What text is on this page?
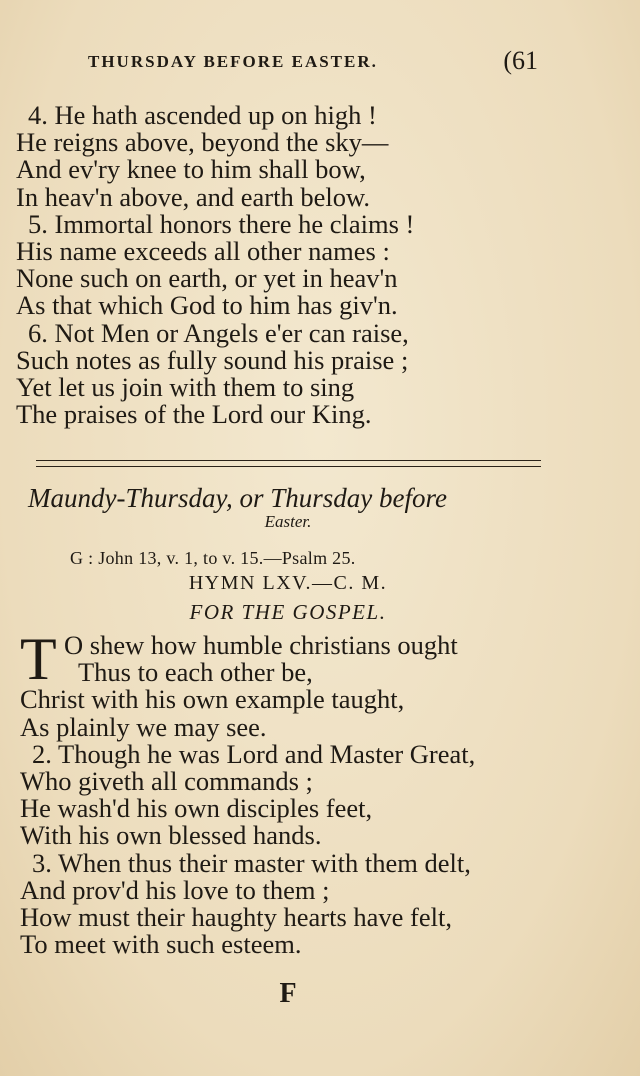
THURSDAY BEFORE EASTER.	(61
4. He hath ascended up on high !
He reigns above, beyond the sky—
And ev'ry knee to him shall bow,
In heav'n above, and earth below.
5. Immortal honors there he claims !
His name exceeds all other names :
None such on earth, or yet in heav'n
As that which God to him has giv'n.
6. Not Men or Angels e'er can raise,
Such notes as fully sound his praise ;
Yet let us join with them to sing
The praises of the Lord our King.
Maundy-Thursday, or Thursday before
Easter.
G : John 13, v. 1, to v. 15.—Psalm 25.
HYMN LXV.—C. M.
FOR THE GOSPEL.
T O shew how humble christians ought
Thus to each other be,
Christ with his own example taught,
As plainly we may see.
2. Though he was Lord and Master Great,
Who giveth all commands ;
He wash'd his own disciples feet,
With his own blessed hands.
3. When thus their master with them delt,
And prov'd his love to them ;
How must their haughty hearts have felt,
To meet with such esteem.
F
